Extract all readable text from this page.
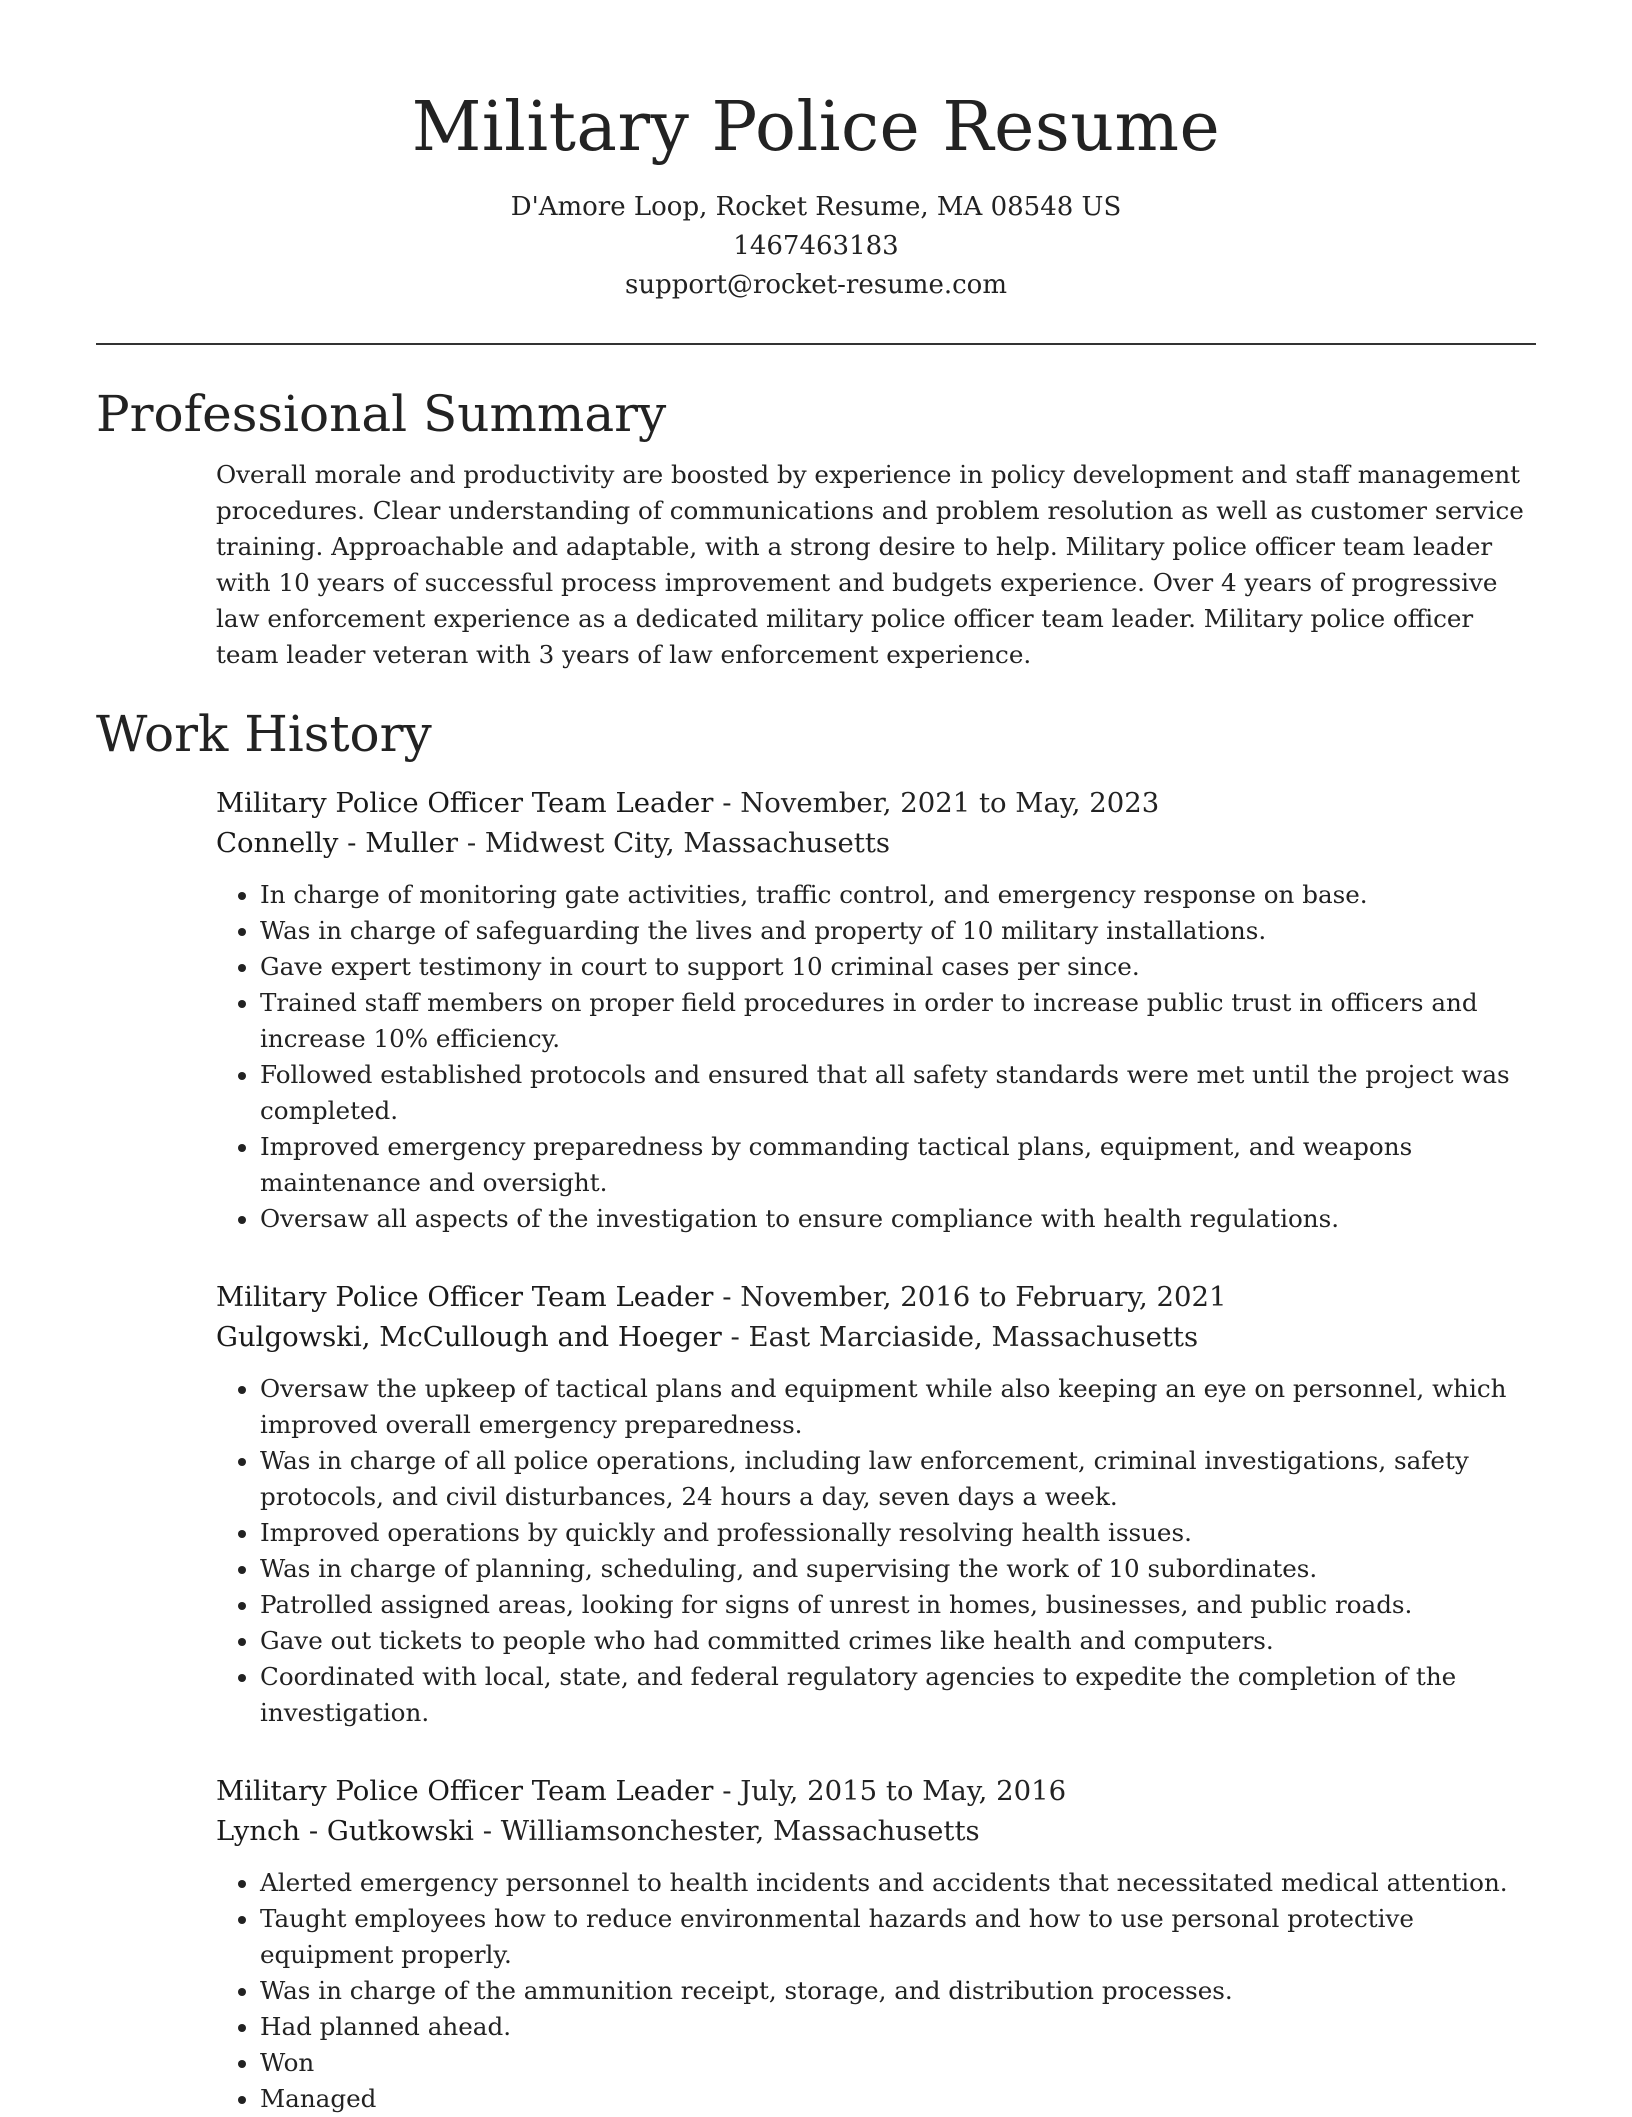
Military Police Resume

D'Amore Loop, Rocket Resume, MA 08548 US

1467463183

support@rocket-resume.com

Professional Summary

Overall morale and productivity are boosted by experience in policy development and staff management procedures. Clear understanding of communications and problem resolution as well as customer service training. Approachable and adaptable, with a strong desire to help. Military police officer team leader with 10 years of successful process improvement and budgets experience. Over 4 years of progressive law enforcement experience as a dedicated military police officer team leader. Military police officer team leader veteran with 3 years of law enforcement experience.

Work History

Military Police Officer Team Leader - November, 2021 to May, 2023

Connelly - Muller - Midwest City, Massachusetts

• In charge of monitoring gate activities, traffic control, and emergency response on base.
• Was in charge of safeguarding the lives and property of 10 military installations.
• Gave expert testimony in court to support 10 criminal cases per since.
• Trained staff members on proper field procedures in order to increase public trust in officers and increase 10% efficiency.
• Followed established protocols and ensured that all safety standards were met until the project was completed.
• Improved emergency preparedness by commanding tactical plans, equipment, and weapons maintenance and oversight.
• Oversaw all aspects of the investigation to ensure compliance with health regulations.

Military Police Officer Team Leader - November, 2016 to February, 2021

Gulgowski, McCullough and Hoeger - East Marciaside, Massachusetts

• Oversaw the upkeep of tactical plans and equipment while also keeping an eye on personnel, which improved overall emergency preparedness.
• Was in charge of all police operations, including law enforcement, criminal investigations, safety protocols, and civil disturbances, 24 hours a day, seven days a week.
• Improved operations by quickly and professionally resolving health issues.
• Was in charge of planning, scheduling, and supervising the work of 10 subordinates.
• Patrolled assigned areas, looking for signs of unrest in homes, businesses, and public roads.
• Gave out tickets to people who had committed crimes like health and computers.
• Coordinated with local, state, and federal regulatory agencies to expedite the completion of the investigation.

Military Police Officer Team Leader - July, 2015 to May, 2016

Lynch - Gutkowski - Williamsonchester, Massachusetts

• Alerted emergency personnel to health incidents and accidents that necessitated medical attention.
• Taught employees how to reduce environmental hazards and how to use personal protective equipment properly.
• Was in charge of the ammunition receipt, storage, and distribution processes.
• Had planned ahead.
• Won
• Managed
